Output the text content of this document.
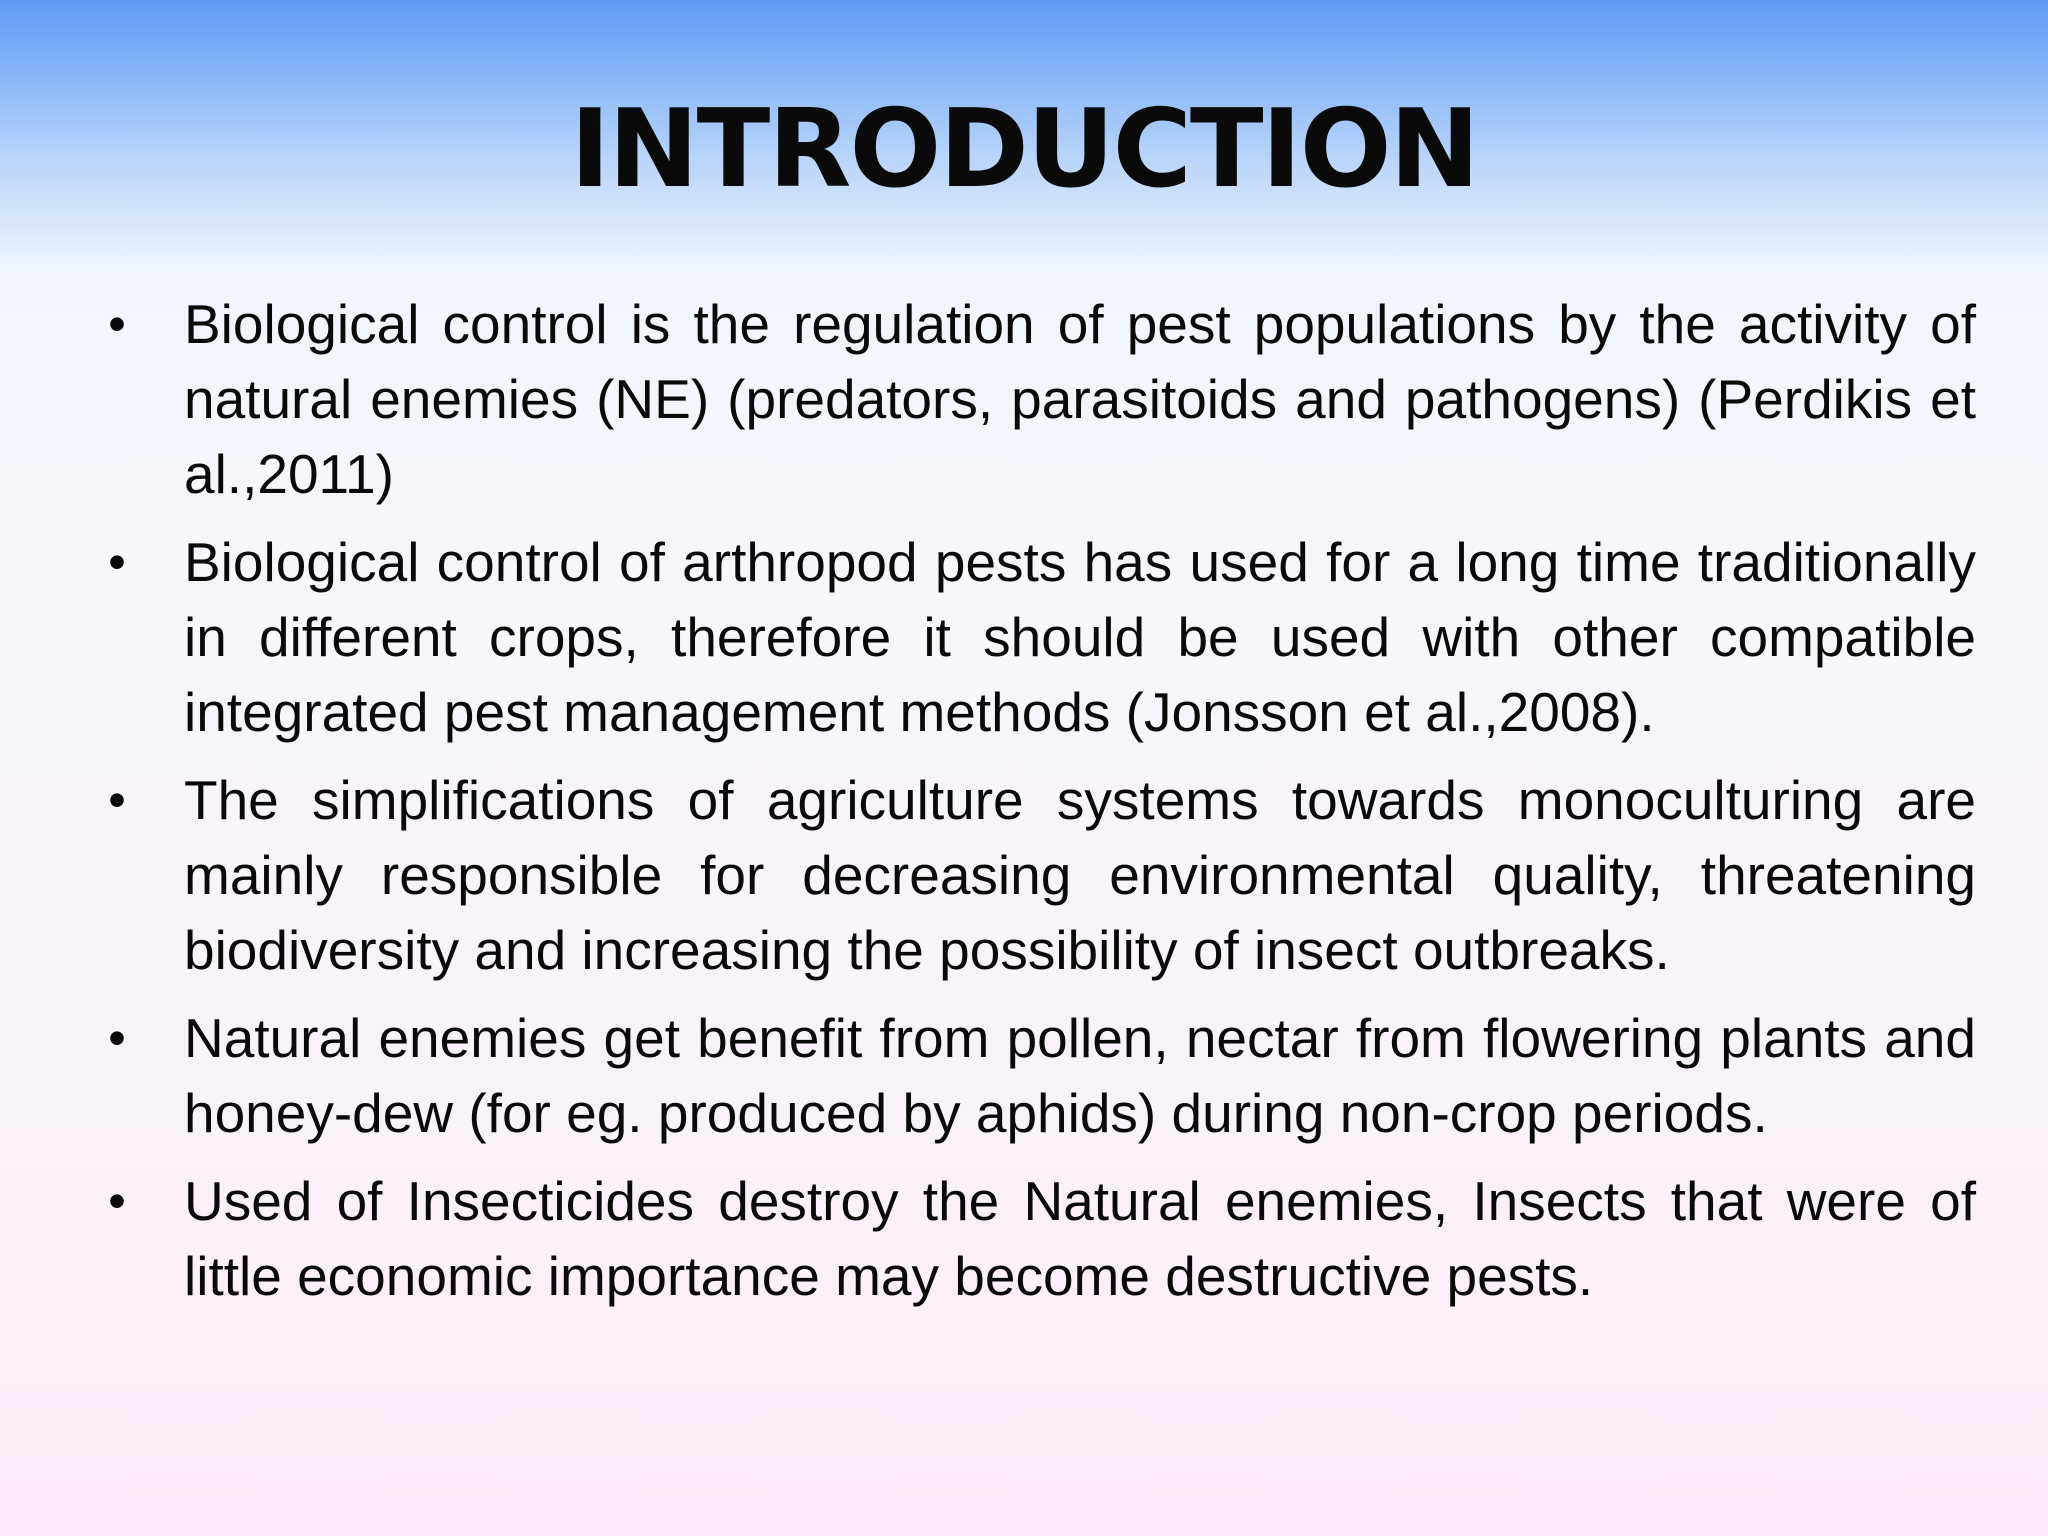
INTRODUCTION
• Biological control is the regulation of pest populations by the activity of natural enemies (NE) (predators, parasitoids and pathogens) (Perdikis et al.,2011)
• Biological control of arthropod pests has used for a long time traditionally in different crops, therefore it should be used with other compatible integrated pest management methods (Jonsson et al.,2008).
• The simplifications of agriculture systems towards monoculturing are mainly responsible for decreasing environmental quality, threatening biodiversity and increasing the possibility of insect outbreaks.
• Natural enemies get benefit from pollen, nectar from flowering plants and honey-dew (for eg. produced by aphids) during non-crop periods.
• Used of Insecticides destroy the Natural enemies, Insects that were of little economic importance may become destructive pests.
